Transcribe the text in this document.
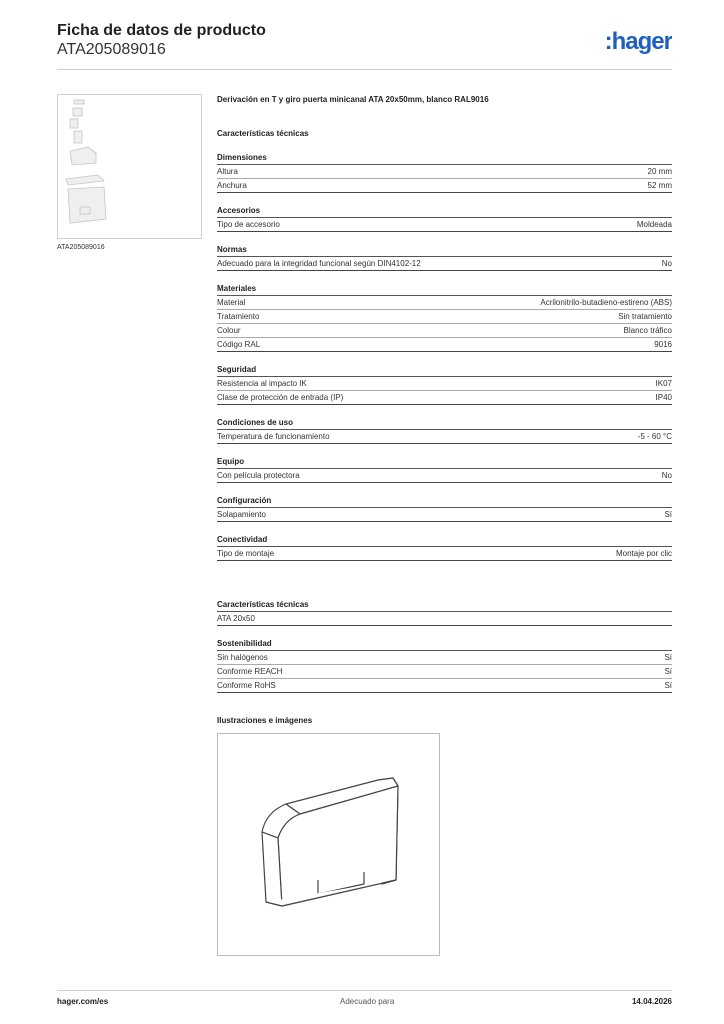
Ficha de datos de producto
ATA205089016	:hager
ATA205089016
Derivación en T y giro puerta minicanal ATA 20x50mm, blanco RAL9016
Características técnicas
Dimensiones
Altura	20 mm
Anchura	52 mm
Accesorios
Tipo de accesorio	Moldeada
Normas
Adecuado para la integridad funcional según DIN4102-12	No
Materiales
Material	Acrilonitrilo-butadieno-estireno (ABS)
Tratamiento	Sin tratamiento
Colour	Blanco tráfico
Código RAL	9016
Seguridad
Resistencia al impacto IK	IK07
Clase de protección de entrada (IP)	IP40
Condiciones de uso
Temperatura de funcionamiento	-5 - 60 °C
Equipo
Con película protectora	No
Configuración
Solapamiento	Sí
Conectividad
Tipo de montaje	Montaje por clic
Características técnicas
ATA 20x50
Sostenibilidad
Sin halógenos	Sí
Conforme REACH	Sí
Conforme RoHS	Sí
Ilustraciones e imágenes
hager.com/es	Adecuado para	14.04.2026
